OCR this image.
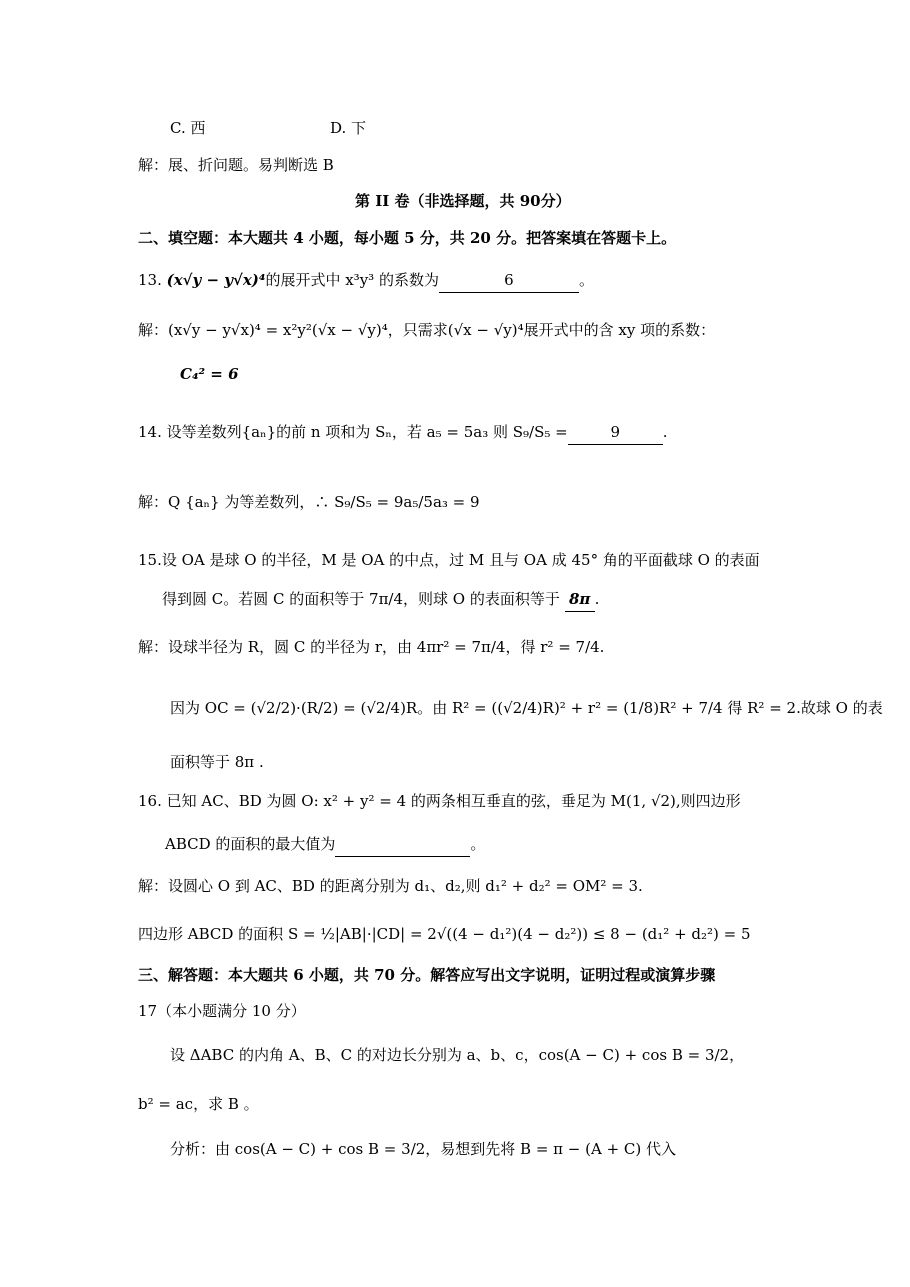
C. 西	D. 下
解：展、折问题。易判断选 B
第 II 卷（非选择题，共 90分）
二、填空题：本大题共 4 小题，每小题 5 分，共 20 分。把答案填在答题卡上。
13. (x√y − y√x)⁴的展开式中 x³y³ 的系数为	6	。
解：(x√y − y√x)⁴ = x²y²(√x − √y)⁴，只需求(√x − √y)⁴展开式中的含 xy 项的系数：
C₄² = 6
14. 设等差数列{aₙ}的前 n 项和为 Sₙ，若 a₅ = 5a₃ 则 S₉/S₅ =	9	.
解：Q {aₙ} 为等差数列，∴ S₉/S₅ = 9a₅/5a₃ = 9
15.设 OA 是球 O 的半径，M 是 OA 的中点，过 M 且与 OA 成 45° 角的平面截球 O 的表面
得到圆 C。若圆 C 的面积等于 7π/4，则球 O 的表面积等于 8π .
解：设球半径为 R，圆 C 的半径为 r，由 4πr² = 7π/4，得 r² = 7/4.
因为 OC = (√2/2)·(R/2) = (√2/4)R。由 R² = ((√2/4)R)² + r² = (1/8)R² + 7/4 得 R² = 2.故球 O 的表
面积等于 8π .
16. 已知 AC、BD 为圆 O: x² + y² = 4 的两条相互垂直的弦，垂足为 M(1, √2),则四边形
ABCD 的面积的最大值为	。
解：设圆心 O 到 AC、BD 的距离分别为 d₁、d₂,则 d₁² + d₂² = OM² = 3.
四边形 ABCD 的面积 S = ½|AB|·|CD| = 2√((4 − d₁²)(4 − d₂²)) ≤ 8 − (d₁² + d₂²) = 5
三、解答题：本大题共 6 小题，共 70 分。解答应写出文字说明，证明过程或演算步骤
17（本小题满分 10 分）
设 ΔABC 的内角 A、B、C 的对边长分别为 a、b、c，cos(A − C) + cos B = 3/2，
b² = ac，求 B 。
分析：由 cos(A − C) + cos B = 3/2，易想到先将 B = π − (A + C) 代入
